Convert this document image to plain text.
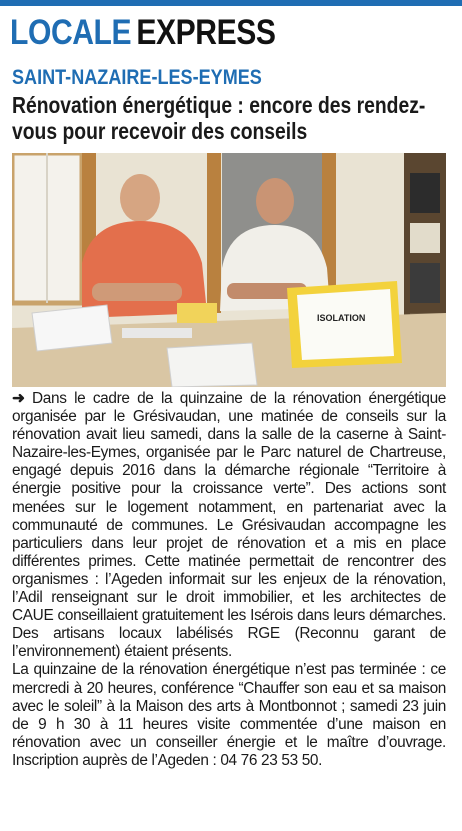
LOCALE EXPRESS
SAINT-NAZAIRE-LES-EYMES
Rénovation énergétique : encore des rendez-vous pour recevoir des conseils
ISOLATION

➜ Dans le cadre de la quinzaine de la rénovation énergétique organisée par le Grésivaudan, une matinée de conseils sur la rénovation avait lieu samedi, dans la salle de la caserne à Saint-Nazaire-les-Eymes, organisée par le Parc naturel de Chartreuse, engagé depuis 2016 dans la démarche régionale “Territoire à énergie positive pour la croissance verte”. Des actions sont menées sur le logement notamment, en partenariat avec la communauté de communes. Le Grésivaudan accompagne les particuliers dans leur projet de rénovation et a mis en place différentes primes. Cette matinée permettait de rencontrer des organismes : l’Ageden informait sur les enjeux de la rénovation, l’Adil renseignant sur le droit immobilier, et les architectes de CAUE conseillaient gratuitement les Isérois dans leurs démarches. Des artisans locaux labélisés RGE (Reconnu garant de l’environnement) étaient présents.

La quinzaine de la rénovation énergétique n’est pas terminée : ce mercredi à 20 heures, conférence “Chauffer son eau et sa maison avec le soleil” à la Maison des arts à Montbonnot ; samedi 23 juin de 9 h 30 à 11 heures visite commentée d’une maison en rénovation avec un conseiller énergie et le maître d’ouvrage. Inscription auprès de l’Ageden : 04 76 23 53 50.
